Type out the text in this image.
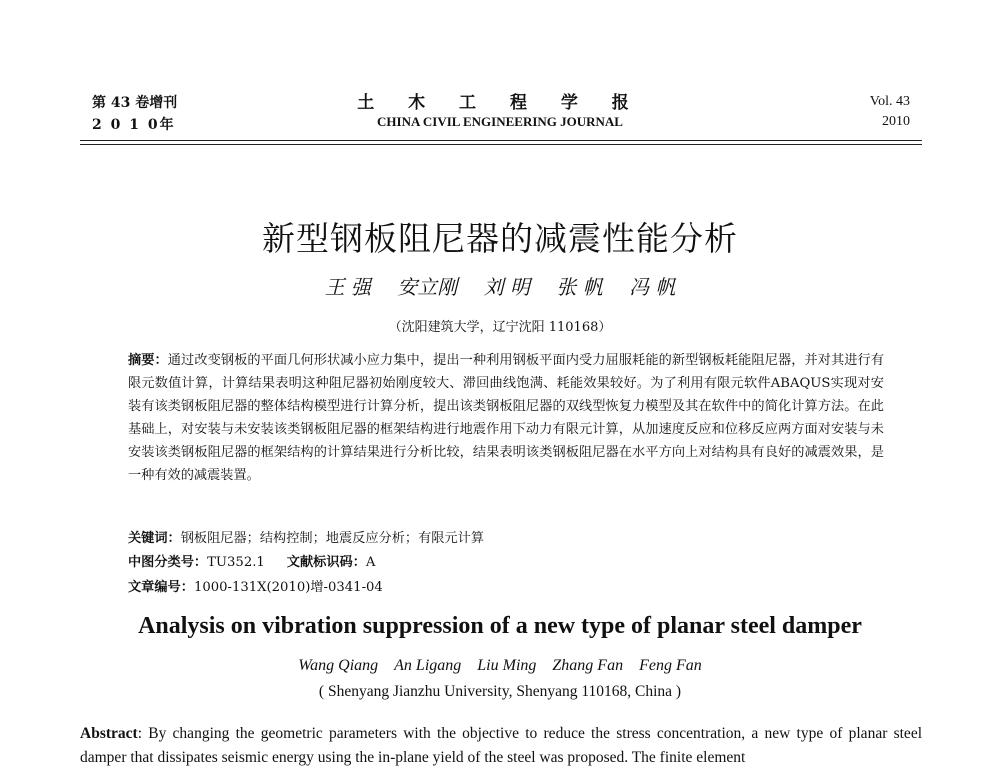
第 43 卷增刊
2 0 1 0年
土 木 工 程 学 报
CHINA CIVIL ENGINEERING JOURNAL
Vol. 43
2010
新型钢板阻尼器的减震性能分析
王 强 安立刚 刘 明 张 帆 冯 帆
（沈阳建筑大学，辽宁沈阳 110168）
摘要：通过改变钢板的平面几何形状减小应力集中，提出一种利用钢板平面内受力屈服耗能的新型钢板耗能阻尼器，并对其进行有限元数值计算，计算结果表明这种阻尼器初始刚度较大、滞回曲线饱满、耗能效果较好。为了利用有限元软件ABAQUS实现对安装有该类钢板阻尼器的整体结构模型进行计算分析，提出该类钢板阻尼器的双线型恢复力模型及其在软件中的简化计算方法。在此基础上，对安装与未安装该类钢板阻尼器的框架结构进行地震作用下动力有限元计算，从加速度反应和位移反应两方面对安装与未安装该类钢板阻尼器的框架结构的计算结果进行分析比较，结果表明该类钢板阻尼器在水平方向上对结构具有良好的减震效果，是一种有效的减震装置。
关键词：钢板阻尼器；结构控制；地震反应分析；有限元计算
中图分类号：TU352.1 文献标识码：A
文章编号：1000-131X(2010)增-0341-04
Analysis on vibration suppression of a new type of planar steel damper
Wang Qiang An Ligang Liu Ming Zhang Fan Feng Fan
( Shenyang Jianzhu University, Shenyang 110168, China )
Abstract: By changing the geometric parameters with the objective to reduce the stress concentration, a new type of planar steel damper that dissipates seismic energy using the in-plane yield of the steel was proposed. The finite element
